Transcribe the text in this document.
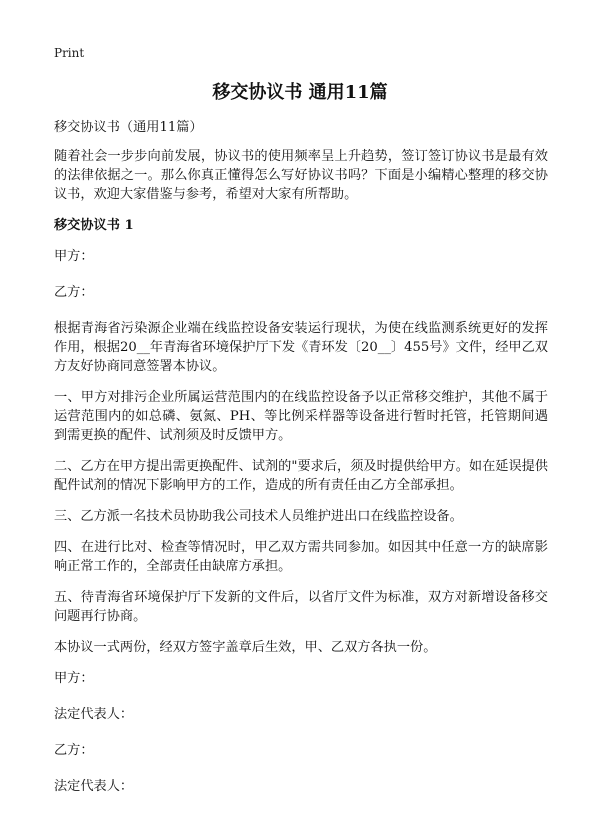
Print
移交协议书 通用11篇

移交协议书（通用11篇）

随着社会一步步向前发展，协议书的使用频率呈上升趋势，签订签订协议书是最有效的法律依据之一。那么你真正懂得怎么写好协议书吗？下面是小编精心整理的移交协议书，欢迎大家借鉴与参考，希望对大家有所帮助。

移交协议书 1
甲方：
乙方：

根据青海省污染源企业端在线监控设备安装运行现状，为使在线监测系统更好的发挥作用，根据20__年青海省环境保护厅下发《青环发〔20__〕455号》文件，经甲乙双方友好协商同意签署本协议。

一、甲方对排污企业所属运营范围内的在线监控设备予以正常移交维护，其他不属于运营范围内的如总磷、氨氮、PH、等比例采样器等设备进行暂时托管，托管期间遇到需更换的配件、试剂须及时反馈甲方。

二、乙方在甲方提出需更换配件、试剂的"要求后，须及时提供给甲方。如在延误提供配件试剂的情况下影响甲方的工作，造成的所有责任由乙方全部承担。

三、乙方派一名技术员协助我公司技术人员维护进出口在线监控设备。

四、在进行比对、检查等情况时，甲乙双方需共同参加。如因其中任意一方的缺席影响正常工作的，全部责任由缺席方承担。

五、待青海省环境保护厅下发新的文件后，以省厅文件为标准，双方对新增设备移交问题再行协商。

本协议一式两份，经双方签字盖章后生效，甲、乙双方各执一份。

甲方：
法定代表人：
乙方：
法定代表人：
